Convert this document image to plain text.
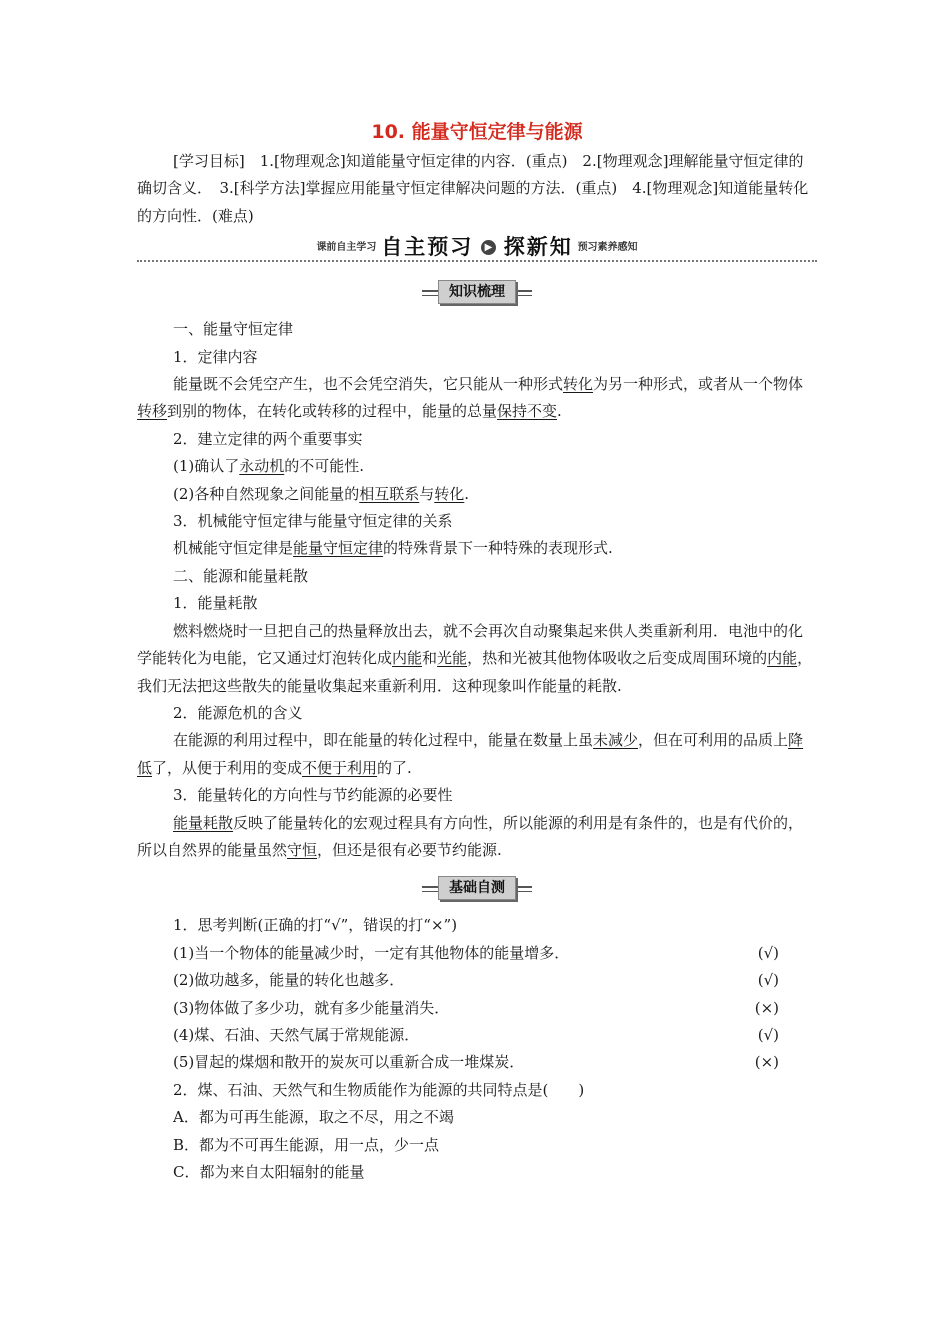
10. 能量守恒定律与能源

[学习目标]　1.[物理观念]知道能量守恒定律的内容．(重点)　2.[物理观念]理解能量守恒定律的确切含义．　3.[科学方法]掌握应用能量守恒定律解决问题的方法．(重点)　4.[物理观念]知道能量转化的方向性．(难点)

课前自主学习 自主预习 ▶ 探新知 预习素养感知
知识梳理

一、能量守恒定律

1．定律内容

能量既不会凭空产生，也不会凭空消失，它只能从一种形式转化为另一种形式，或者从一个物体转移到别的物体，在转化或转移的过程中，能量的总量保持不变.

2．建立定律的两个重要事实

(1)确认了永动机的不可能性.

(2)各种自然现象之间能量的相互联系与转化.

3．机械能守恒定律与能量守恒定律的关系

机械能守恒定律是能量守恒定律的特殊背景下一种特殊的表现形式.

二、能源和能量耗散

1．能量耗散

燃料燃烧时一旦把自己的热量释放出去，就不会再次自动聚集起来供人类重新利用．电池中的化学能转化为电能，它又通过灯泡转化成内能和光能，热和光被其他物体吸收之后变成周围环境的内能，我们无法把这些散失的能量收集起来重新利用．这种现象叫作能量的耗散.

2．能源危机的含义

在能源的利用过程中，即在能量的转化过程中，能量在数量上虽未减少，但在可利用的品质上降低了，从便于利用的变成不便于利用的了.

3．能量转化的方向性与节约能源的必要性

能量耗散反映了能量转化的宏观过程具有方向性，所以能源的利用是有条件的，也是有代价的，所以自然界的能量虽然守恒，但还是很有必要节约能源.

基础自测

1．思考判断(正确的打“√”，错误的打“×”)

(1)当一个物体的能量减少时，一定有其他物体的能量增多．	(√)
(2)做功越多，能量的转化也越多．	(√)
(3)物体做了多少功，就有多少能量消失．	(×)
(4)煤、石油、天然气属于常规能源．	(√)
(5)冒起的煤烟和散开的炭灰可以重新合成一堆煤炭．	(×)

2．煤、石油、天然气和生物质能作为能源的共同特点是(　　)

A．都为可再生能源，取之不尽，用之不竭

B．都为不可再生能源，用一点，少一点

C．都为来自太阳辐射的能量
